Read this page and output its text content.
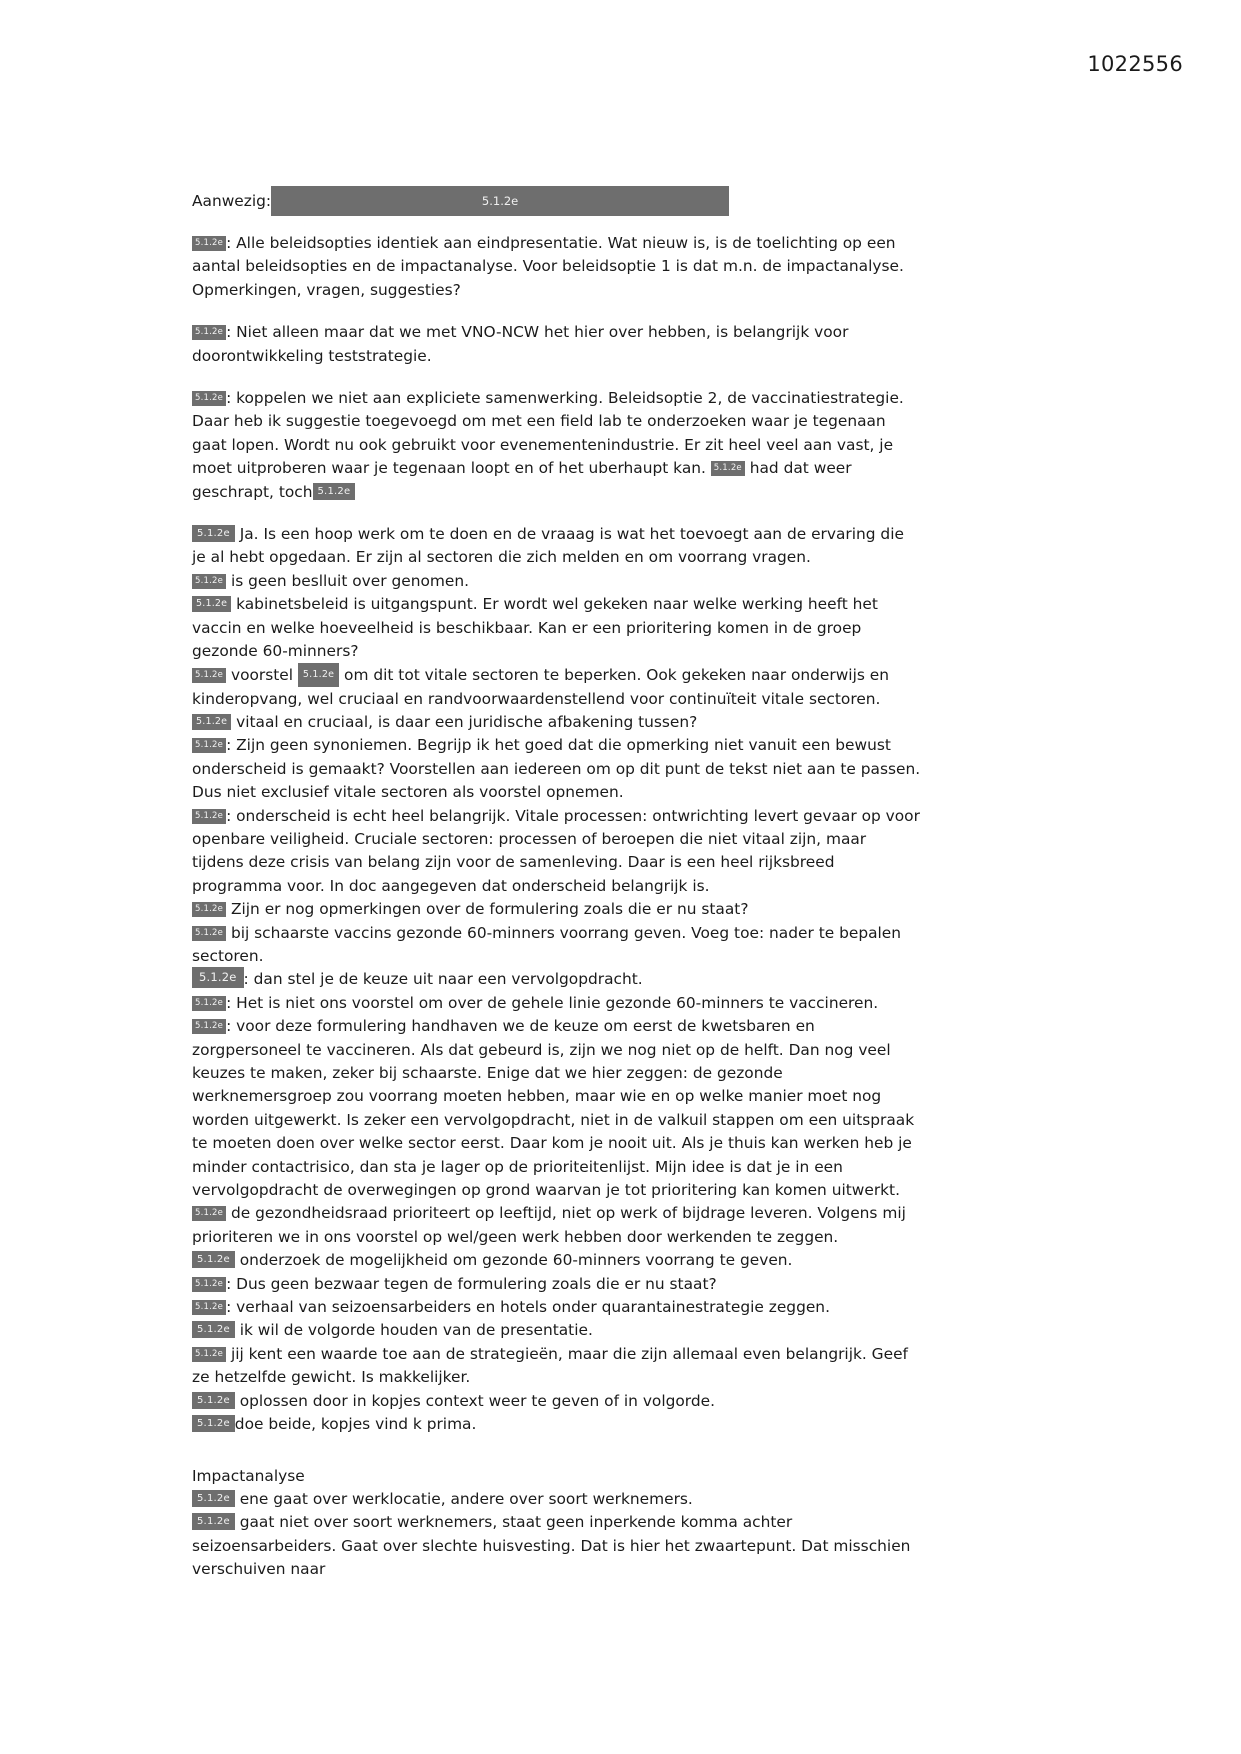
1022556
Aanwezig:	5.1.2e

5.1.2e : Alle beleidsopties identiek aan eindpresentatie. Wat nieuw is, is de toelichting op een aantal beleidsopties en de impactanalyse. Voor beleidsoptie 1 is dat m.n. de impactanalyse. Opmerkingen, vragen, suggesties?

5.1.2e : Niet alleen maar dat we met VNO-NCW het hier over hebben, is belangrijk voor doorontwikkeling teststrategie.

5.1.2e : koppelen we niet aan expliciete samenwerking. Beleidsoptie 2, de vaccinatiestrategie. Daar heb ik suggestie toegevoegd om met een field lab te onderzoeken waar je tegenaan gaat lopen. Wordt nu ook gebruikt voor evenementenindustrie. Er zit heel veel aan vast, je moet uitproberen waar je tegenaan loopt en of het uberhaupt kan. 5.1.2e had dat weer geschrapt, toch 5.1.2e

5.1.2e Ja. Is een hoop werk om te doen en de vraaag is wat het toevoegt aan de ervaring die je al hebt opgedaan. Er zijn al sectoren die zich melden en om voorrang vragen.

5.1.2e is geen beslluit over genomen.

5.1.2e kabinetsbeleid is uitgangspunt. Er wordt wel gekeken naar welke werking heeft het vaccin en welke hoeveelheid is beschikbaar. Kan er een prioritering komen in de groep gezonde 60-minners?

5.1.2e voorstel 5.1.2e om dit tot vitale sectoren te beperken. Ook gekeken naar onderwijs en kinderopvang, wel cruciaal en randvoorwaardenstellend voor continuïteit vitale sectoren.

5.1.2e vitaal en cruciaal, is daar een juridische afbakening tussen?

5.1.2e : Zijn geen synoniemen. Begrijp ik het goed dat die opmerking niet vanuit een bewust onderscheid is gemaakt? Voorstellen aan iedereen om op dit punt de tekst niet aan te passen. Dus niet exclusief vitale sectoren als voorstel opnemen.

5.1.2e : onderscheid is echt heel belangrijk. Vitale processen: ontwrichting levert gevaar op voor openbare veiligheid. Cruciale sectoren: processen of beroepen die niet vitaal zijn, maar tijdens deze crisis van belang zijn voor de samenleving. Daar is een heel rijksbreed programma voor. In doc aangegeven dat onderscheid belangrijk is.

5.1.2e Zijn er nog opmerkingen over de formulering zoals die er nu staat?

5.1.2e bij schaarste vaccins gezonde 60-minners voorrang geven. Voeg toe: nader te bepalen sectoren.

5.1.2e : dan stel je de keuze uit naar een vervolgopdracht.

5.1.2e : Het is niet ons voorstel om over de gehele linie gezonde 60-minners te vaccineren.

5.1.2e : voor deze formulering handhaven we de keuze om eerst de kwetsbaren en zorgpersoneel te vaccineren. Als dat gebeurd is, zijn we nog niet op de helft. Dan nog veel keuzes te maken, zeker bij schaarste. Enige dat we hier zeggen: de gezonde werknemersgroep zou voorrang moeten hebben, maar wie en op welke manier moet nog worden uitgewerkt. Is zeker een vervolgopdracht, niet in de valkuil stappen om een uitspraak te moeten doen over welke sector eerst. Daar kom je nooit uit. Als je thuis kan werken heb je minder contactrisico, dan sta je lager op de prioriteitenlijst. Mijn idee is dat je in een vervolgopdracht de overwegingen op grond waarvan je tot prioritering kan komen uitwerkt.

5.1.2e de gezondheidsraad prioriteert op leeftijd, niet op werk of bijdrage leveren. Volgens mij prioriteren we in ons voorstel op wel/geen werk hebben door werkenden te zeggen.

5.1.2e onderzoek de mogelijkheid om gezonde 60-minners voorrang te geven.

5.1.2e : Dus geen bezwaar tegen de formulering zoals die er nu staat?

5.1.2e : verhaal van seizoensarbeiders en hotels onder quarantainestrategie zeggen.

5.1.2e ik wil de volgorde houden van de presentatie.

5.1.2e jij kent een waarde toe aan de strategieën, maar die zijn allemaal even belangrijk. Geef ze hetzelfde gewicht. Is makkelijker.

5.1.2e oplossen door in kopjes context weer te geven of in volgorde.

5.1.2e doe beide, kopjes vind k prima.

Impactanalyse

5.1.2e ene gaat over werklocatie, andere over soort werknemers.

5.1.2e gaat niet over soort werknemers, staat geen inperkende komma achter seizoensarbeiders. Gaat over slechte huisvesting. Dat is hier het zwaartepunt. Dat misschien verschuiven naar
